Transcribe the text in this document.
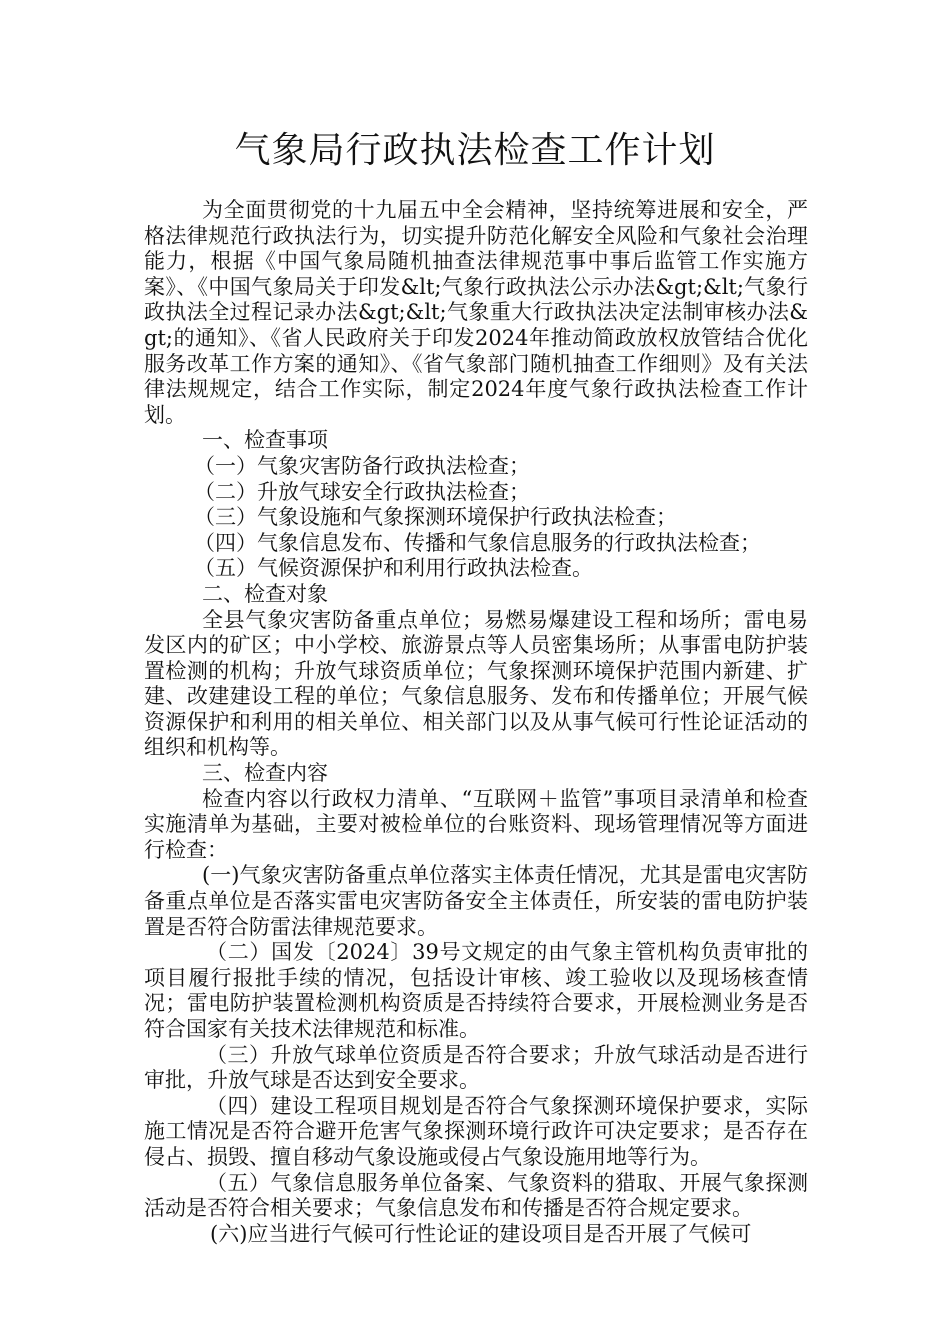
气象局行政执法检查工作计划

为全面贯彻党的十九届五中全会精神，坚持统筹进展和安全，严格法律规范行政执法行为，切实提升防范化解安全风险和气象社会治理能力，根据《中国气象局随机抽查法律规范事中事后监管工作实施方案》、《中国气象局关于印发&lt;气象行政执法公示办法&gt;&lt;气象行政执法全过程记录办法&gt;&lt;气象重大行政执法决定法制审核办法&gt;的通知》、《省人民政府关于印发2024年推动简政放权放管结合优化服务改革工作方案的通知》、《省气象部门随机抽查工作细则》及有关法律法规规定，结合工作实际，制定2024年度气象行政执法检查工作计划。

一、检查事项

（一）气象灾害防备行政执法检查；

（二）升放气球安全行政执法检查；

（三）气象设施和气象探测环境保护行政执法检查；

（四）气象信息发布、传播和气象信息服务的行政执法检查；

（五）气候资源保护和利用行政执法检查。

二、检查对象

全县气象灾害防备重点单位；易燃易爆建设工程和场所；雷电易发区内的矿区；中小学校、旅游景点等人员密集场所；从事雷电防护装置检测的机构；升放气球资质单位；气象探测环境保护范围内新建、扩建、改建建设工程的单位；气象信息服务、发布和传播单位；开展气候资源保护和利用的相关单位、相关部门以及从事气候可行性论证活动的组织和机构等。

三、检查内容

检查内容以行政权力清单、“互联网＋监管”事项目录清单和检查实施清单为基础，主要对被检单位的台账资料、现场管理情况等方面进行检查：

(一)气象灾害防备重点单位落实主体责任情况，尤其是雷电灾害防备重点单位是否落实雷电灾害防备安全主体责任，所安装的雷电防护装置是否符合防雷法律规范要求。

（二）国发〔2024〕39号文规定的由气象主管机构负责审批的项目履行报批手续的情况，包括设计审核、竣工验收以及现场核查情况；雷电防护装置检测机构资质是否持续符合要求，开展检测业务是否符合国家有关技术法律规范和标准。

（三）升放气球单位资质是否符合要求；升放气球活动是否进行审批，升放气球是否达到安全要求。

（四）建设工程项目规划是否符合气象探测环境保护要求，实际施工情况是否符合避开危害气象探测环境行政许可决定要求；是否存在侵占、损毁、擅自移动气象设施或侵占气象设施用地等行为。

（五）气象信息服务单位备案、气象资料的猎取、开展气象探测活动是否符合相关要求；气象信息发布和传播是否符合规定要求。

(六)应当进行气候可行性论证的建设项目是否开展了气候可
